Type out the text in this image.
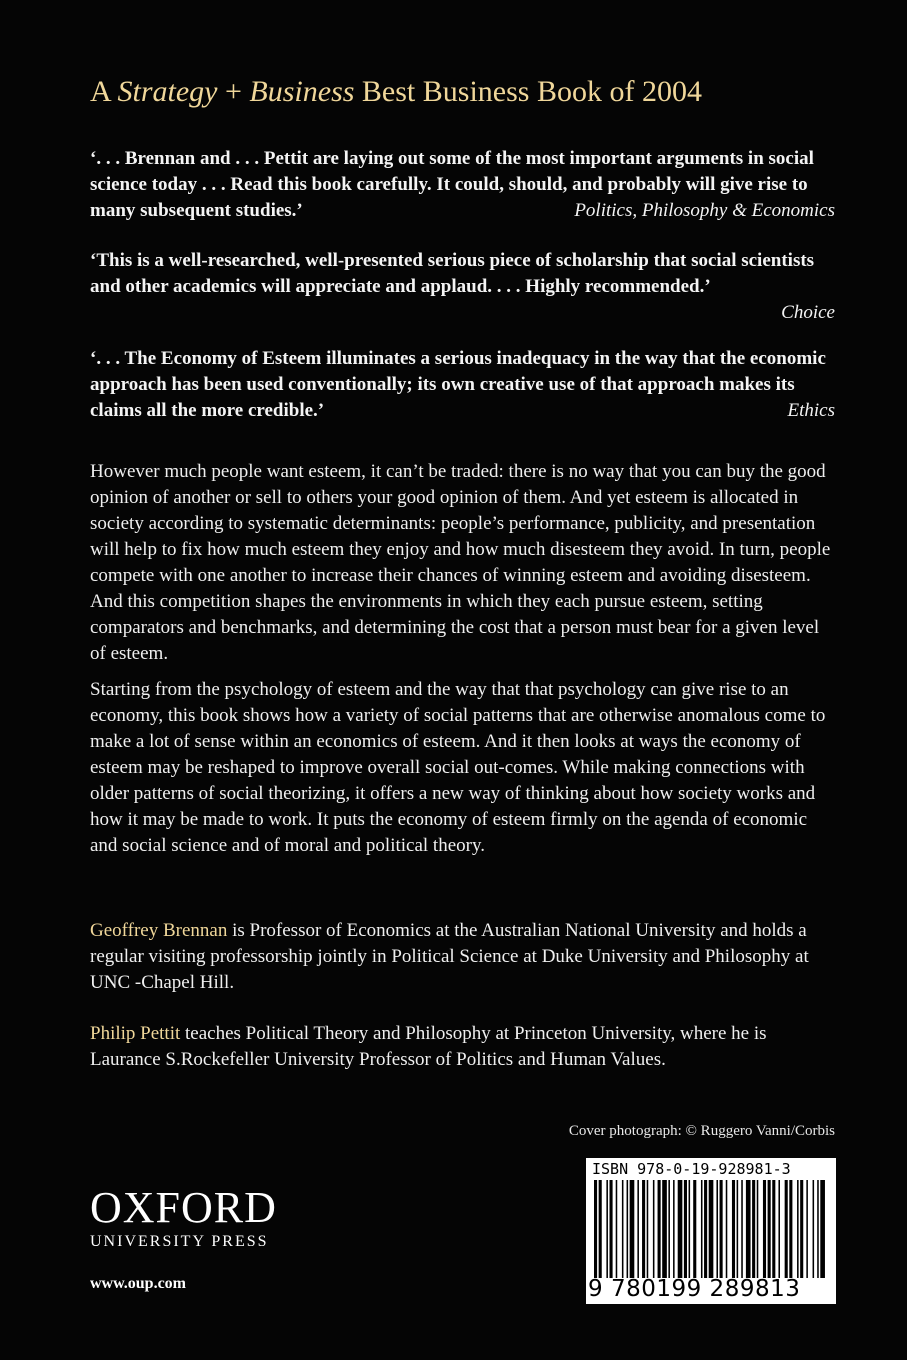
A Strategy + Business Best Business Book of 2004
‘. . . Brennan and . . . Pettit are laying out some of the most important arguments in social science today . . . Read this book carefully. It could, should, and probably will give rise to many subsequent studies.’	Politics, Philosophy & Economics
‘This is a well-researched, well-presented serious piece of scholarship that social scientists and other academics will appreciate and applaud. . . . Highly recommended.’
Choice
‘. . . The Economy of Esteem illuminates a serious inadequacy in the way that the economic approach has been used conventionally; its own creative use of that approach makes its claims all the more credible.’	Ethics

However much people want esteem, it can’t be traded: there is no way that you can buy the good opinion of another or sell to others your good opinion of them. And yet esteem is allocated in society according to systematic determinants: people’s performance, publicity, and presentation will help to fix how much esteem they enjoy and how much disesteem they avoid. In turn, people compete with one another to increase their chances of winning esteem and avoiding disesteem. And this competition shapes the environments in which they each pursue esteem, setting comparators and benchmarks, and determining the cost that a person must bear for a given level of esteem.

Starting from the psychology of esteem and the way that that psychology can give rise to an economy, this book shows how a variety of social patterns that are otherwise anomalous come to make a lot of sense within an economics of esteem. And it then looks at ways the economy of esteem may be reshaped to improve overall social out-comes. While making connections with older patterns of social theorizing, it offers a new way of thinking about how society works and how it may be made to work. It puts the economy of esteem firmly on the agenda of economic and social science and of moral and political theory.

Geoffrey Brennan is Professor of Economics at the Australian National University and holds a regular visiting professorship jointly in Political Science at Duke University and Philosophy at UNC -Chapel Hill.
Philip Pettit teaches Political Theory and Philosophy at Princeton University, where he is Laurance S.Rockefeller University Professor of Politics and Human Values.
Cover photograph: © Ruggero Vanni/Corbis
OXFORD
UNIVERSITY PRESS
www.oup.com
ISBN 978-0-19-928981-3
9 780199 289813
